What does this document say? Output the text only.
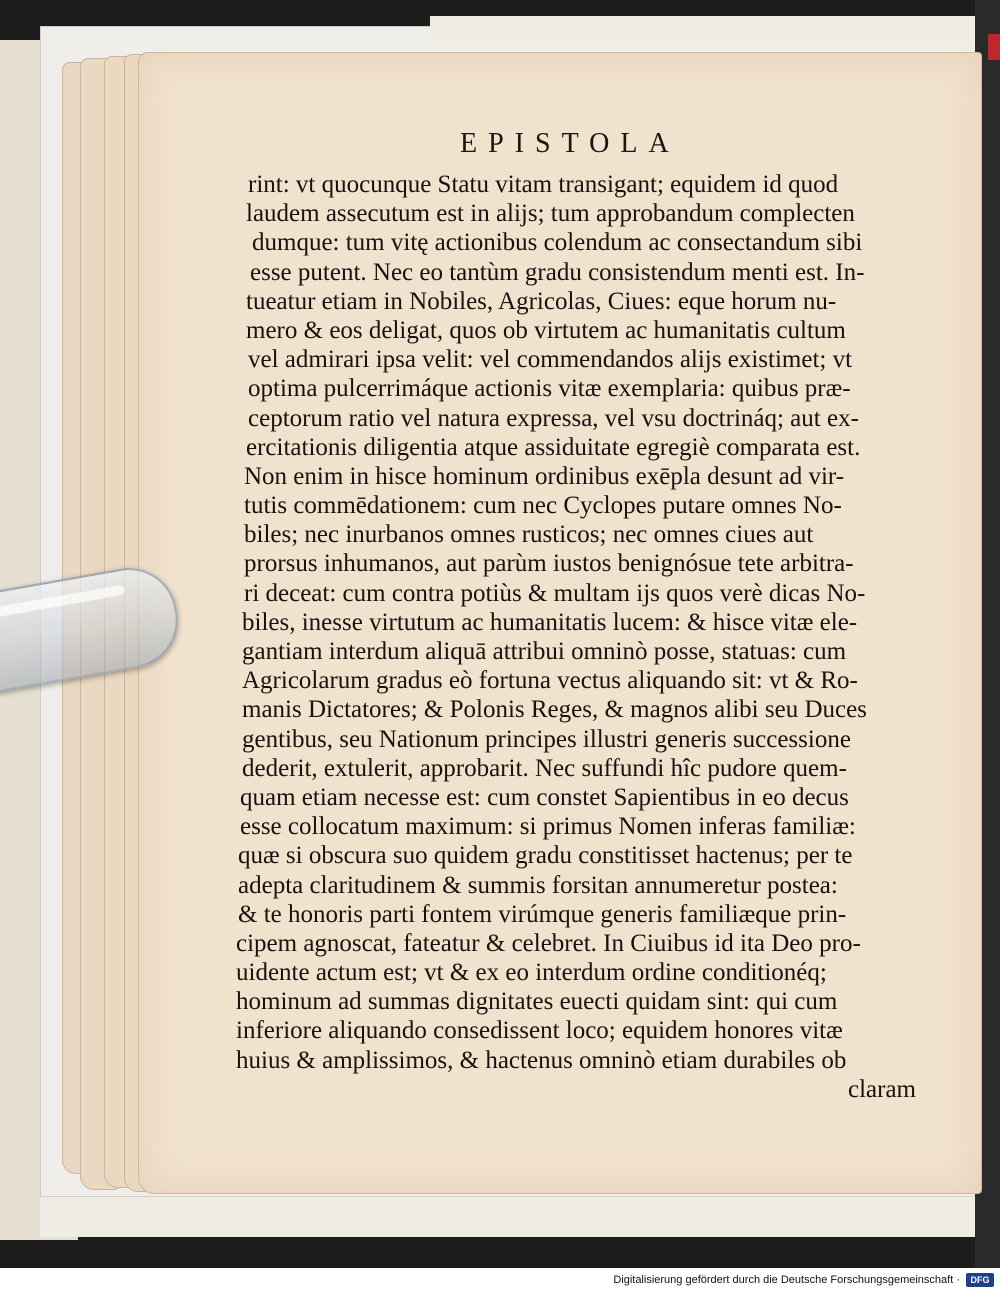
EPISTOLA
rint: vt quocunque Statu vitam transigant; equidem id quod
laudem assecutum est in alijs; tum approbandum complecten
dumque: tum vitę actionibus colendum ac consectandum sibi
esse putent. Nec eo tantùm gradu consistendum menti est. In-
tueatur etiam in Nobiles, Agricolas, Ciues: eque horum nu-
mero & eos deligat, quos ob virtutem ac humanitatis cultum
vel admirari ipsa velit: vel commendandos alijs existimet; vt
optima pulcerrimáque actionis vitæ exemplaria: quibus præ-
ceptorum ratio vel natura expressa, vel vsu doctrináq; aut ex-
ercitationis diligentia atque assiduitate egregiè comparata est.
Non enim in hisce hominum ordinibus exēpla desunt ad vir-
tutis commēdationem: cum nec Cyclopes putare omnes No-
biles; nec inurbanos omnes rusticos; nec omnes ciues aut
prorsus inhumanos, aut parùm iustos benignósue tete arbitra-
ri deceat: cum contra potiùs & multam ijs quos verè dicas No-
biles, inesse virtutum ac humanitatis lucem: & hisce vitæ ele-
gantiam interdum aliquā attribui omninò posse, statuas: cum
Agricolarum gradus eò fortuna vectus aliquando sit: vt & Ro-
manis Dictatores; & Polonis Reges, & magnos alibi seu Duces
gentibus, seu Nationum principes illustri generis successione
dederit, extulerit, approbarit. Nec suffundi hîc pudore quem-
quam etiam necesse est: cum constet Sapientibus in eo decus
esse collocatum maximum: si primus Nomen inferas familiæ:
quæ si obscura suo quidem gradu constitisset hactenus; per te
adepta claritudinem & summis forsitan annumeretur postea:
& te honoris parti fontem virúmque generis familiæque prin-
cipem agnoscat, fateatur & celebret. In Ciuibus id ita Deo pro-
uidente actum est; vt & ex eo interdum ordine conditionéq;
hominum ad summas dignitates euecti quidam sint: qui cum
inferiore aliquando consedissent loco; equidem honores vitæ
huius & amplissimos, & hactenus omninò etiam durabiles ob
claram
Digitalisierung gefördert durch die Deutsche Forschungsgemeinschaft ·	DFG
